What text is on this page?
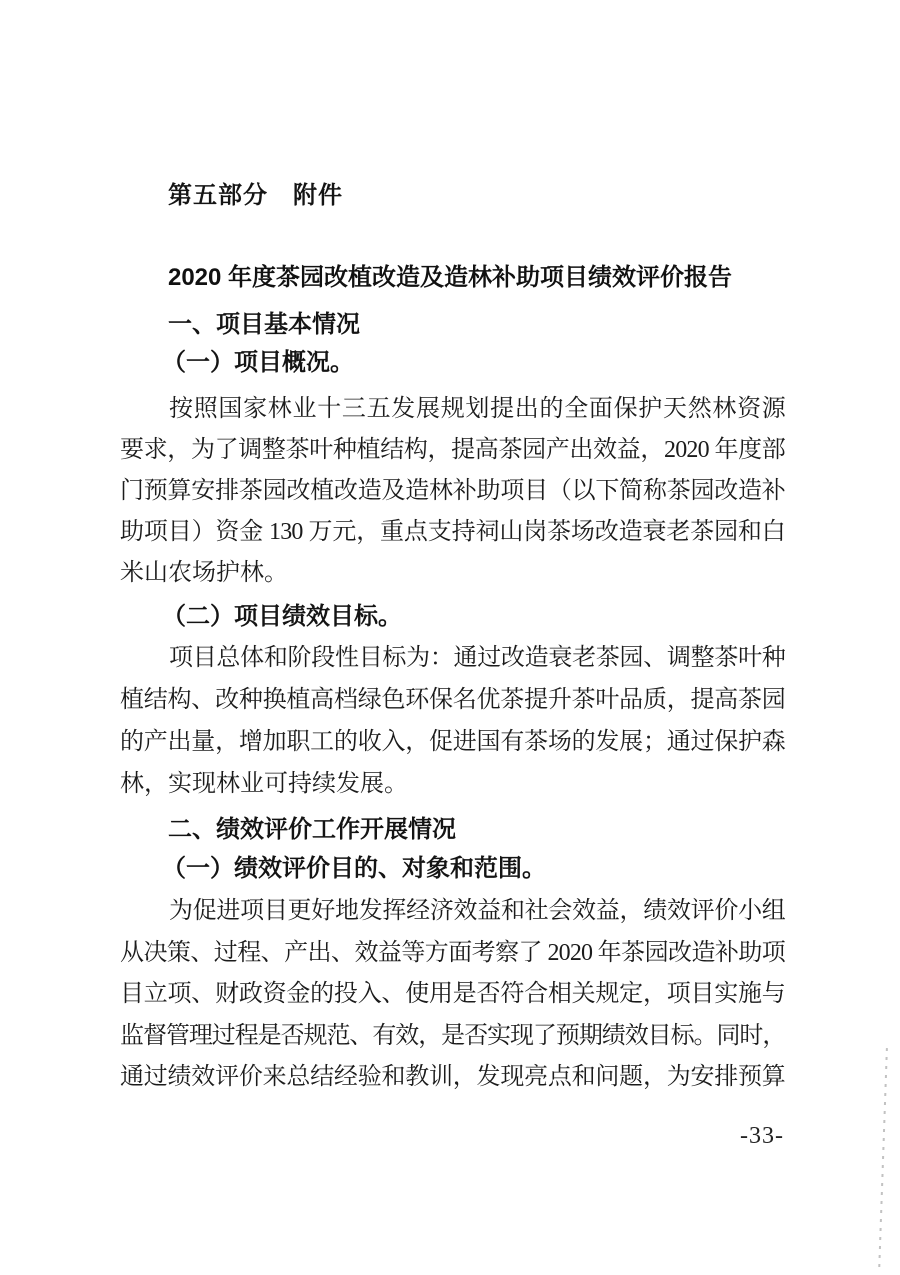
第五部分　附件
2020 年度茶园改植改造及造林补助项目绩效评价报告
一、项目基本情况
（一）项目概况。
按照国家林业十三五发展规划提出的全面保护天然林资源
要求，为了调整茶叶种植结构，提高茶园产出效益，2020 年度部
门预算安排茶园改植改造及造林补助项目（以下简称茶园改造补
助项目）资金 130 万元，重点支持祠山岗茶场改造衰老茶园和白
米山农场护林。
（二）项目绩效目标。
项目总体和阶段性目标为：通过改造衰老茶园、调整茶叶种
植结构、改种换植高档绿色环保名优茶提升茶叶品质，提高茶园
的产出量，增加职工的收入，促进国有茶场的发展；通过保护森
林，实现林业可持续发展。
二、绩效评价工作开展情况
（一）绩效评价目的、对象和范围。
为促进项目更好地发挥经济效益和社会效益，绩效评价小组
从决策、过程、产出、效益等方面考察了 2020 年茶园改造补助项
目立项、财政资金的投入、使用是否符合相关规定，项目实施与
监督管理过程是否规范、有效，是否实现了预期绩效目标。同时，
通过绩效评价来总结经验和教训，发现亮点和问题，为安排预算
-33-
